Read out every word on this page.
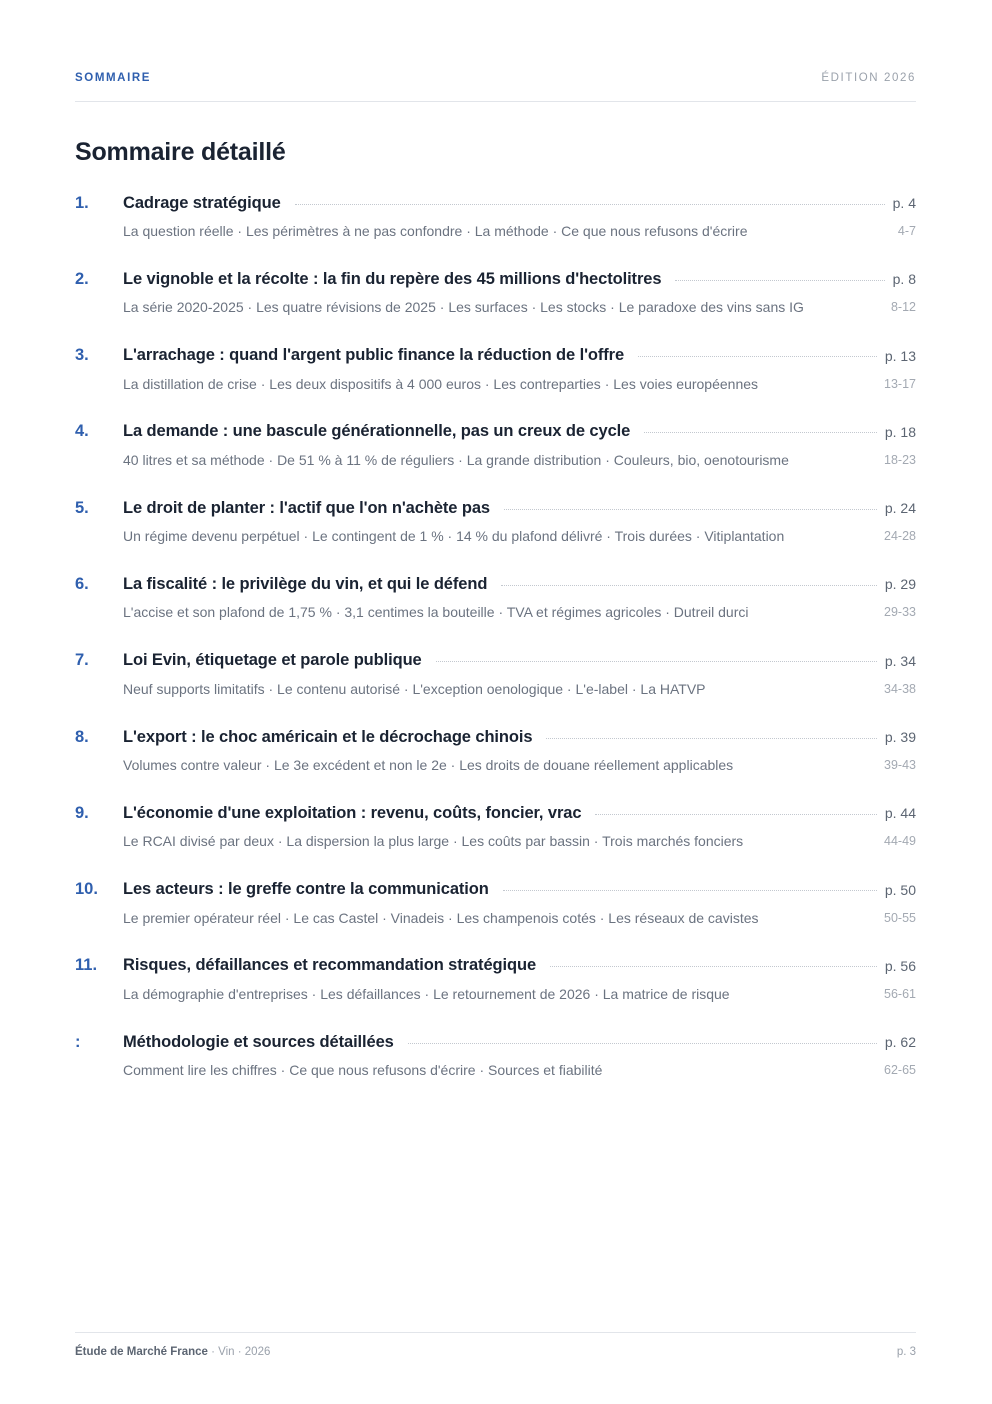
SOMMAIRE	ÉDITION 2026
Sommaire détaillé
1.	Cadrage stratégique	p. 4
La question réelle · Les périmètres à ne pas confondre · La méthode · Ce que nous refusons d'écrire	4-7
2.	Le vignoble et la récolte : la fin du repère des 45 millions d'hectolitres	p. 8
La série 2020-2025 · Les quatre révisions de 2025 · Les surfaces · Les stocks · Le paradoxe des vins sans IG	8-12
3.	L'arrachage : quand l'argent public finance la réduction de l'offre	p. 13
La distillation de crise · Les deux dispositifs à 4 000 euros · Les contreparties · Les voies européennes	13-17
4.	La demande : une bascule générationnelle, pas un creux de cycle	p. 18
40 litres et sa méthode · De 51 % à 11 % de réguliers · La grande distribution · Couleurs, bio, oenotourisme	18-23
5.	Le droit de planter : l'actif que l'on n'achète pas	p. 24
Un régime devenu perpétuel · Le contingent de 1 % · 14 % du plafond délivré · Trois durées · Vitiplantation	24-28
6.	La fiscalité : le privilège du vin, et qui le défend	p. 29
L'accise et son plafond de 1,75 % · 3,1 centimes la bouteille · TVA et régimes agricoles · Dutreil durci	29-33
7.	Loi Evin, étiquetage et parole publique	p. 34
Neuf supports limitatifs · Le contenu autorisé · L'exception oenologique · L'e-label · La HATVP	34-38
8.	L'export : le choc américain et le décrochage chinois	p. 39
Volumes contre valeur · Le 3e excédent et non le 2e · Les droits de douane réellement applicables	39-43
9.	L'économie d'une exploitation : revenu, coûts, foncier, vrac	p. 44
Le RCAI divisé par deux · La dispersion la plus large · Les coûts par bassin · Trois marchés fonciers	44-49
10.	Les acteurs : le greffe contre la communication	p. 50
Le premier opérateur réel · Le cas Castel · Vinadeis · Les champenois cotés · Les réseaux de cavistes	50-55
11.	Risques, défaillances et recommandation stratégique	p. 56
La démographie d'entreprises · Les défaillances · Le retournement de 2026 · La matrice de risque	56-61
:	Méthodologie et sources détaillées	p. 62
Comment lire les chiffres · Ce que nous refusons d'écrire · Sources et fiabilité	62-65
Étude de Marché France · Vin · 2026	p. 3
